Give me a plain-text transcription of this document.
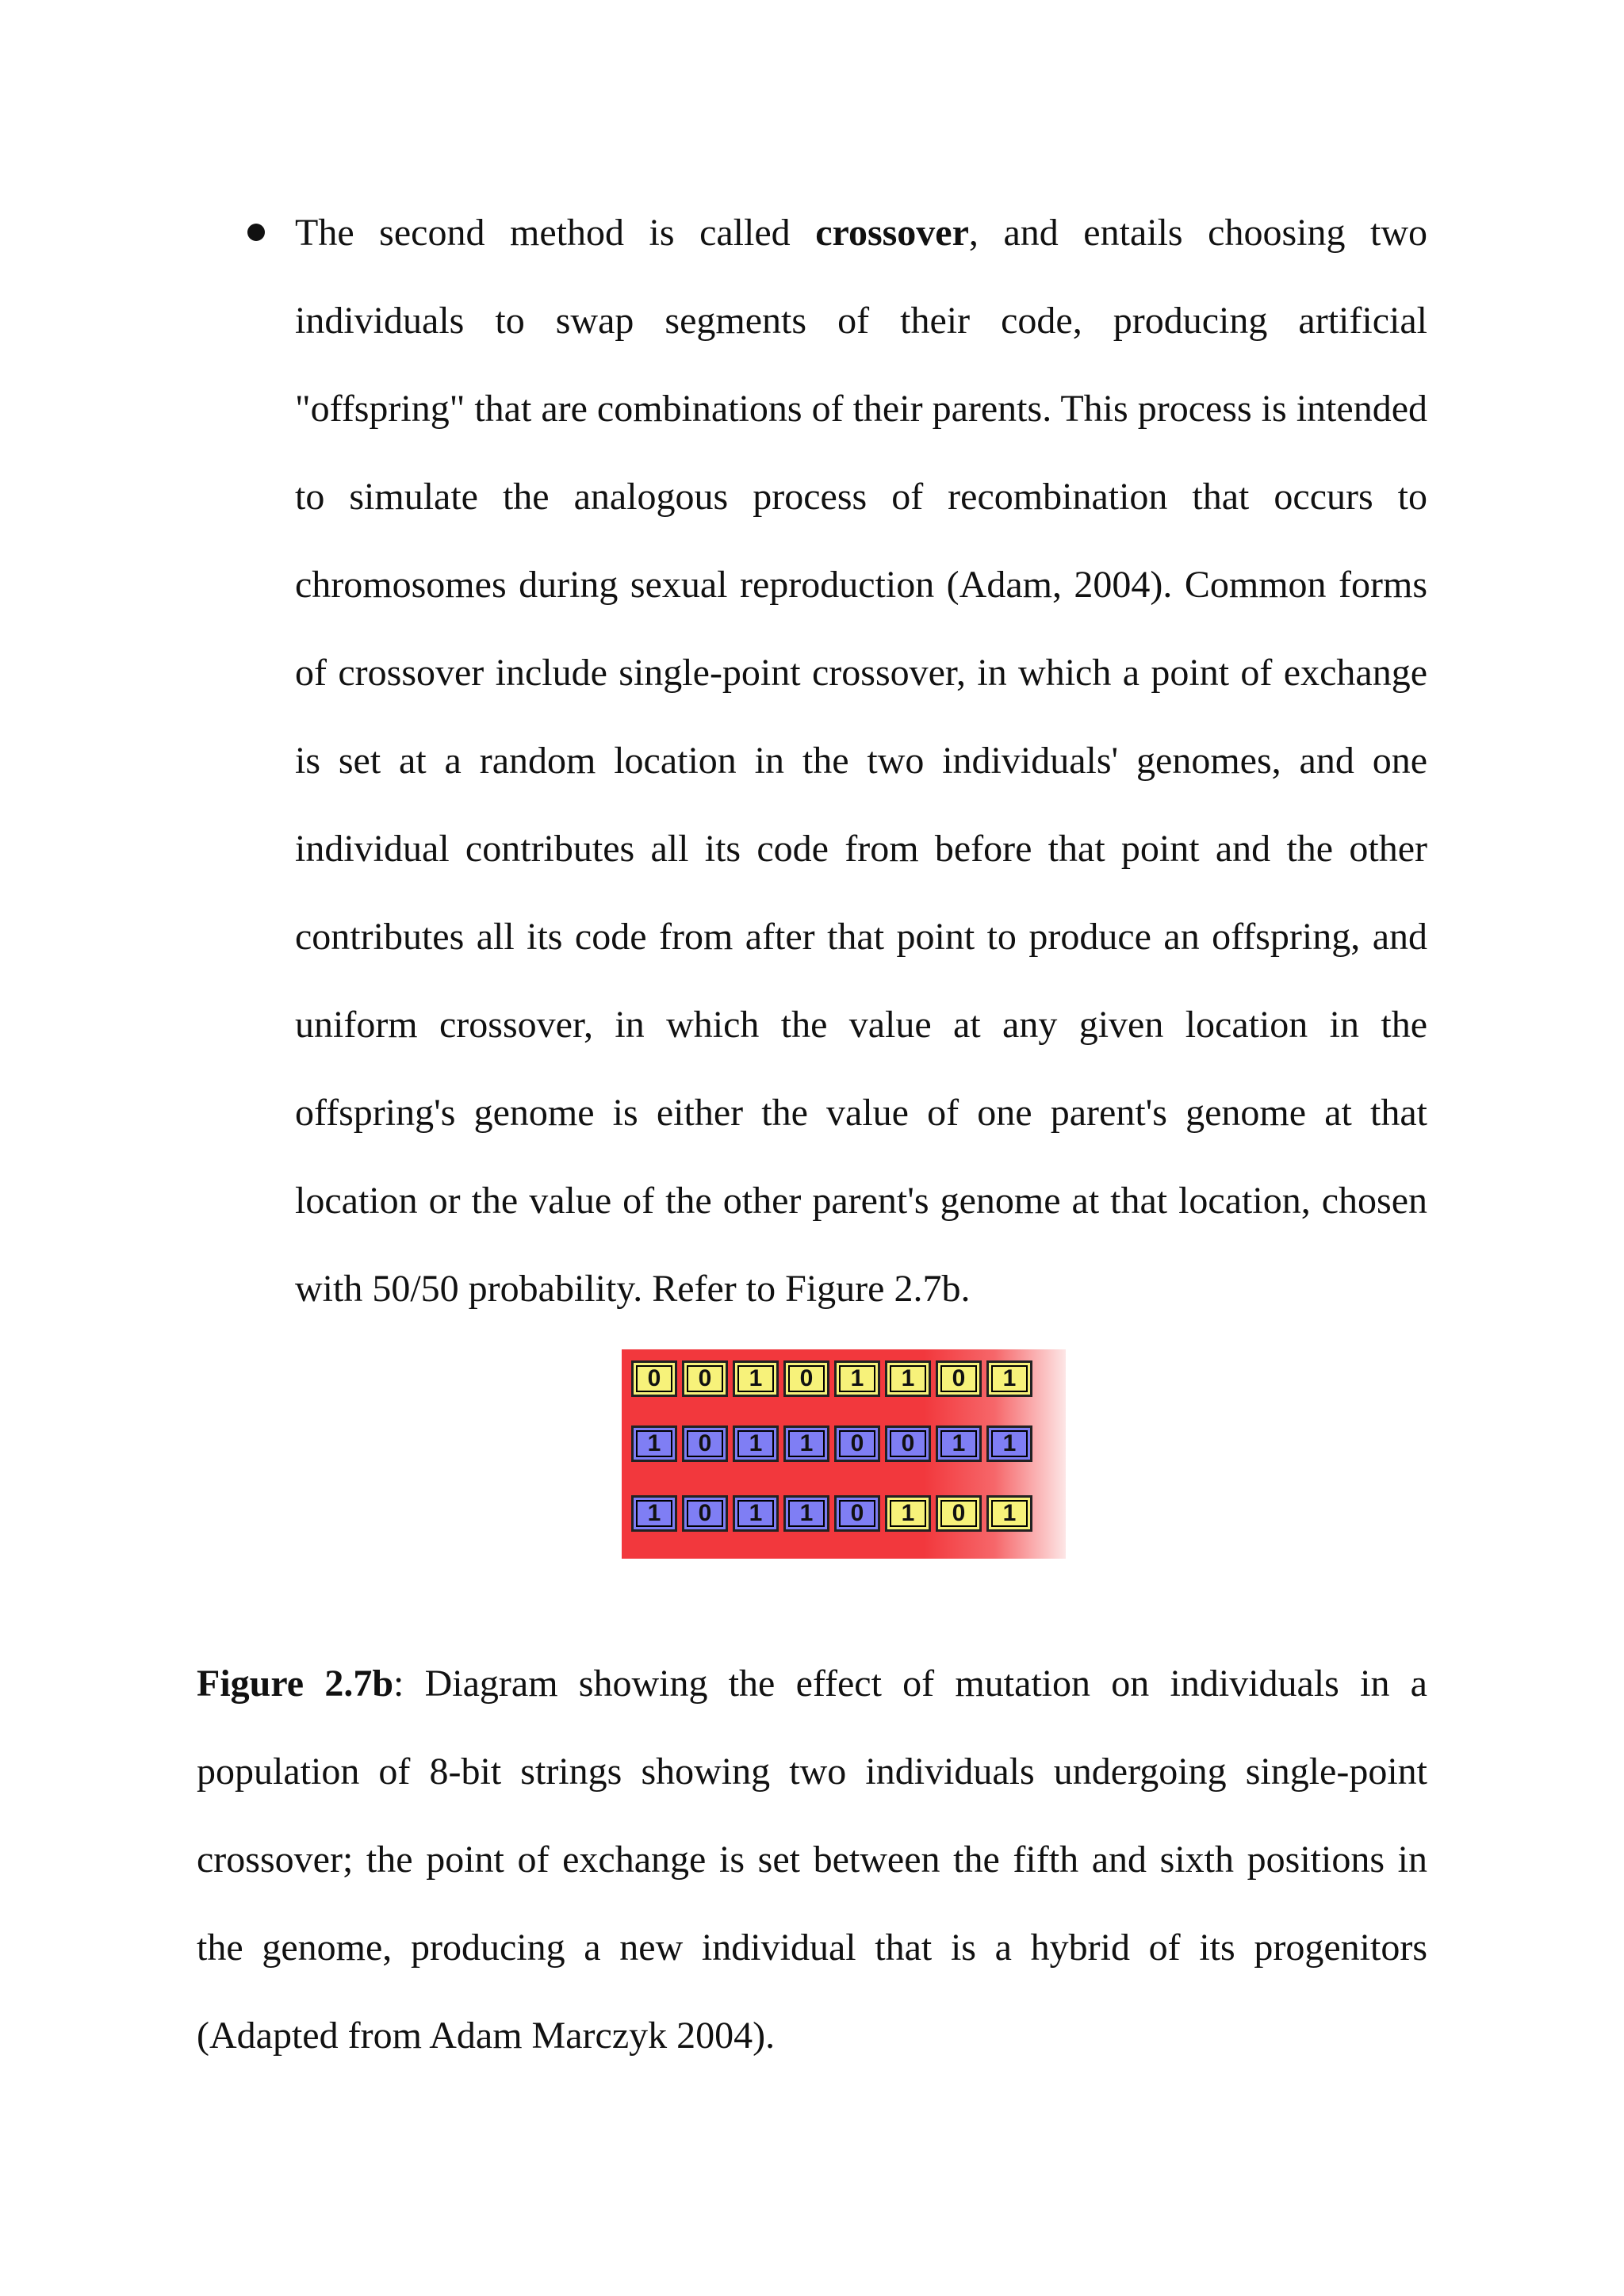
The second method is called crossover, and entails choosing two individuals to swap segments of their code, producing artificial "offspring" that are combinations of their parents. This process is intended to simulate the analogous process of recombination that occurs to chromosomes during sexual reproduction (Adam, 2004). Common forms of crossover include single-point crossover, in which a point of exchange is set at a random location in the two individuals' genomes, and one individual contributes all its code from before that point and the other contributes all its code from after that point to produce an offspring, and uniform crossover, in which the value at any given location in the offspring's genome is either the value of one parent's genome at that location or the value of the other parent's genome at that location, chosen with 50/50 probability. Refer to Figure 2.7b.

0	0	1	0	1	1	0	1
1	0	1	1	0	0	1	1
1	0	1	1	0	1	0	1

Figure 2.7b: Diagram showing the effect of mutation on individuals in a population of 8-bit strings showing two individuals undergoing single-point crossover; the point of exchange is set between the fifth and sixth positions in the genome, producing a new individual that is a hybrid of its progenitors (Adapted from Adam Marczyk 2004).
